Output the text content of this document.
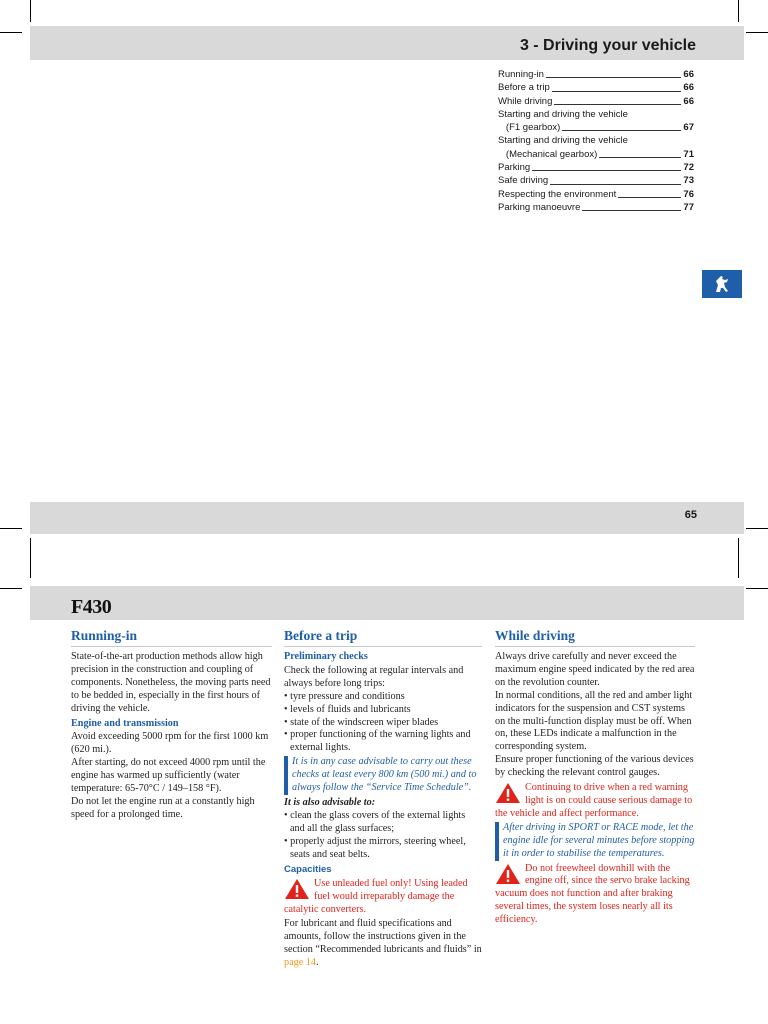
3 - Driving your vehicle
Running-in	66
Before a trip	66
While driving	66
Starting and driving the vehicle
(F1 gearbox)	67
Starting and driving the vehicle
(Mechanical gearbox)	71
Parking	72
Safe driving	73
Respecting the environment	76
Parking manoeuvre	77
65
F430
Running-in

State-of-the-art production methods allow high precision in the construction and coupling of components. Nonetheless, the moving parts need to be bedded in, especially in the first hours of driving the vehicle.

Engine and transmission

Avoid exceeding 5000 rpm for the first 1000 km (620 mi.).

After starting, do not exceed 4000 rpm until the engine has warmed up sufficiently (water temperature: 65-70°C / 149–158 °F).

Do not let the engine run at a constantly high speed for a prolonged time.

Before a trip
Preliminary checks

Check the following at regular intervals and always before long trips:

• tyre pressure and conditions

• levels of fluids and lubricants

• state of the windscreen wiper blades

• proper functioning of the warning lights and external lights.

It is in any case advisable to carry out these checks at least every 800 km (500 mi.) and to always follow the “Service Time Schedule”.

It is also advisable to:

• clean the glass covers of the external lights and all the glass surfaces;

• properly adjust the mirrors, steering wheel, seats and seat belts.

Capacities
Use unleaded fuel only! Using leaded fuel would irreparably damage the catalytic converters.

For lubricant and fluid specifications and amounts, follow the instructions given in the section “Recommended lubricants and fluids” in page 14.

While driving

Always drive carefully and never exceed the maximum engine speed indicated by the red area on the revolution counter.

In normal conditions, all the red and amber light indicators for the suspension and CST systems on the multi-function display must be off. When on, these LEDs indicate a malfunction in the corresponding system.

Ensure proper functioning of the various devices by checking the relevant control gauges.

Continuing to drive when a red warning light is on could cause serious damage to the vehicle and affect performance.

After driving in SPORT or RACE mode, let the engine idle for several minutes before stopping it in order to stabilise the temperatures.

Do not freewheel downhill with the engine off, since the servo brake lacking vacuum does not function and after braking several times, the system loses nearly all its efficiency.
